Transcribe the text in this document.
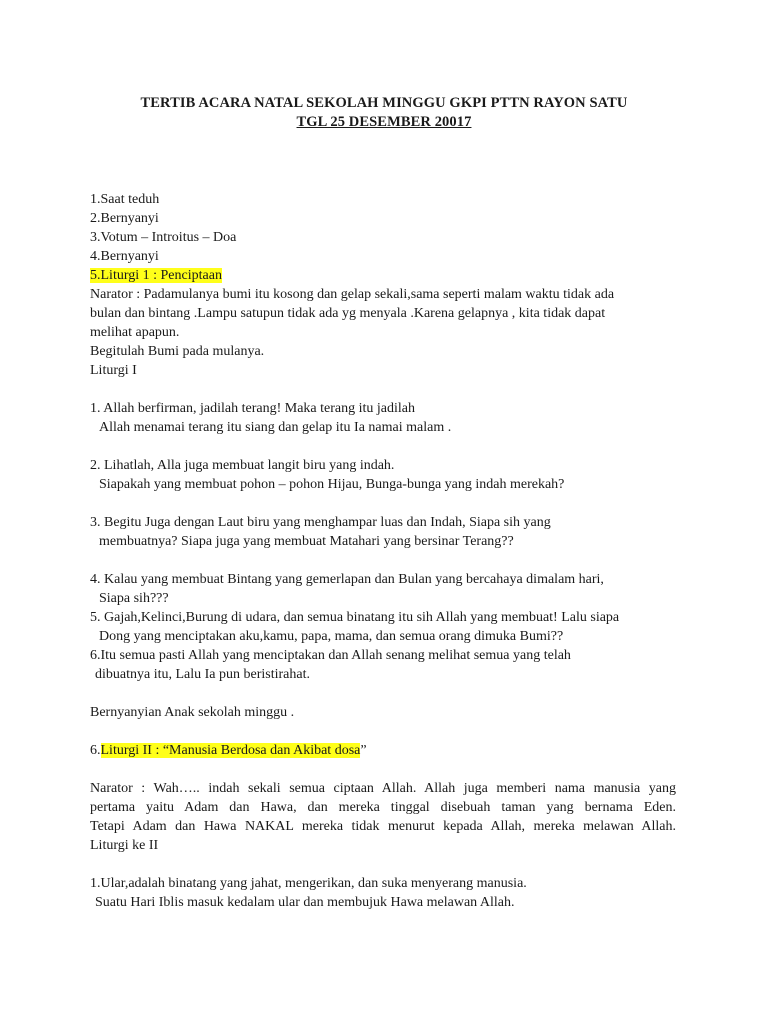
TERTIB ACARA NATAL SEKOLAH MINGGU GKPI PTTN RAYON SATU

TGL 25 DESEMBER 20017

1.Saat teduh

2.Bernyanyi

3.Votum – Introitus – Doa

4.Bernyanyi

5.Liturgi 1 : Penciptaan

Narator : Padamulanya bumi itu kosong dan gelap sekali,sama seperti malam waktu tidak ada

bulan dan bintang .Lampu satupun tidak ada yg menyala .Karena gelapnya , kita tidak dapat

melihat apapun.

Begitulah Bumi pada mulanya.

Liturgi I

1. Allah berfirman, jadilah terang! Maka terang itu jadilah

Allah menamai terang itu siang dan gelap itu Ia namai malam .

2. Lihatlah, Alla juga membuat langit biru yang indah.

Siapakah yang membuat pohon – pohon Hijau, Bunga-bunga yang indah merekah?

3. Begitu Juga dengan Laut biru yang menghampar luas dan Indah, Siapa sih yang

membuatnya? Siapa juga yang membuat Matahari yang bersinar Terang??

4. Kalau yang membuat Bintang yang gemerlapan dan Bulan yang bercahaya dimalam hari,

Siapa sih???

5. Gajah,Kelinci,Burung di udara, dan semua binatang itu sih Allah yang membuat! Lalu siapa

Dong yang menciptakan aku,kamu, papa, mama, dan semua orang dimuka Bumi??

6.Itu semua pasti Allah yang menciptakan dan Allah senang melihat semua yang telah

dibuatnya itu, Lalu Ia pun beristirahat.

Bernyanyian Anak sekolah minggu .

6.Liturgi II : “Manusia Berdosa dan Akibat dosa”

Narator : Wah….. indah sekali semua ciptaan Allah. Allah juga memberi nama manusia yang

pertama yaitu Adam dan Hawa, dan mereka tinggal disebuah taman yang bernama Eden.

Tetapi Adam dan Hawa NAKAL mereka tidak menurut kepada Allah, mereka melawan Allah.

Liturgi ke II

1.Ular,adalah binatang yang jahat, mengerikan, dan suka menyerang manusia.

Suatu Hari Iblis masuk kedalam ular dan membujuk Hawa melawan Allah.
